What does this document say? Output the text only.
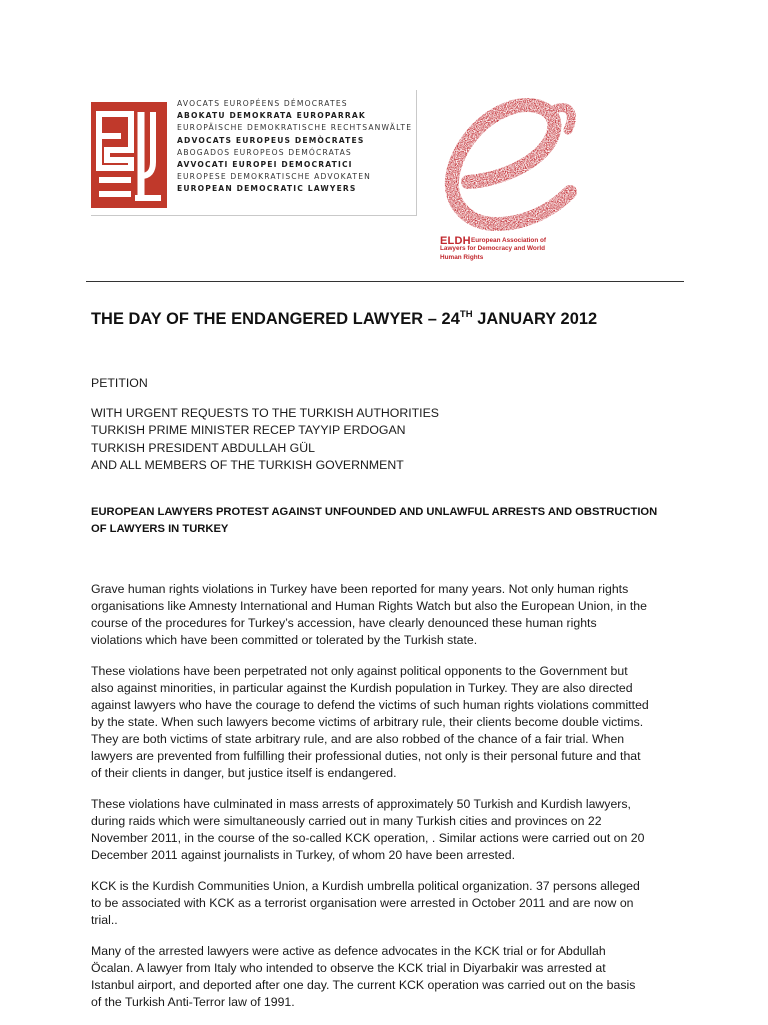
AVOCATS EUROPÉENS DÉMOCRATES
ABOKATU DEMOKRATA EUROPARRAK
EUROPÄISCHE DEMOKRATISCHE RECHTSANWÄLTE
ADVOCATS EUROPEUS DEMÒCRATES
ABOGADOS EUROPEOS DEMÓCRATAS
AVVOCATI EUROPEI DEMOCRATICI
EUROPESE DEMOKRATISCHE ADVOKATEN
EUROPEAN DEMOCRATIC LAWYERS
ELDH European Association of Lawyers for Democracy and World Human Rights
THE DAY OF THE ENDANGERED LAWYER – 24TH JANUARY 2012
PETITION
WITH URGENT REQUESTS TO THE TURKISH AUTHORITIES
TURKISH PRIME MINISTER RECEP TAYYIP ERDOGAN
TURKISH PRESIDENT ABDULLAH GÜL
AND ALL MEMBERS OF THE TURKISH GOVERNMENT
EUROPEAN LAWYERS PROTEST AGAINST UNFOUNDED AND UNLAWFUL ARRESTS AND OBSTRUCTION OF LAWYERS IN TURKEY

Grave human rights violations in Turkey have been reported for many years. Not only human rights
organisations like Amnesty International and Human Rights Watch but also the European Union, in the
course of the procedures for Turkey’s accession, have clearly denounced these human rights
violations which have been committed or tolerated by the Turkish state.

These violations have been perpetrated not only against political opponents to the Government but
also against minorities, in particular against the Kurdish population in Turkey. They are also directed
against lawyers who have the courage to defend the victims of such human rights violations committed
by the state. When such lawyers become victims of arbitrary rule, their clients become double victims.
They are both victims of state arbitrary rule, and are also robbed of the chance of a fair trial. When
lawyers are prevented from fulfilling their professional duties, not only is their personal future and that
of their clients in danger, but justice itself is endangered.

These violations have culminated in mass arrests of approximately 50 Turkish and Kurdish lawyers,
during raids which were simultaneously carried out in many Turkish cities and provinces on 22
November 2011, in the course of the so-called KCK operation, . Similar actions were carried out on 20
December 2011 against journalists in Turkey, of whom 20 have been arrested.

KCK is the Kurdish Communities Union, a Kurdish umbrella political organization. 37 persons alleged
to be associated with KCK as a terrorist organisation were arrested in October 2011 and are now on
trial..

Many of the arrested lawyers were active as defence advocates in the KCK trial or for Abdullah
Öcalan. A lawyer from Italy who intended to observe the KCK trial in Diyarbakir was arrested at
Istanbul airport, and deported after one day. The current KCK operation was carried out on the basis
of the Turkish Anti-Terror law of 1991.
